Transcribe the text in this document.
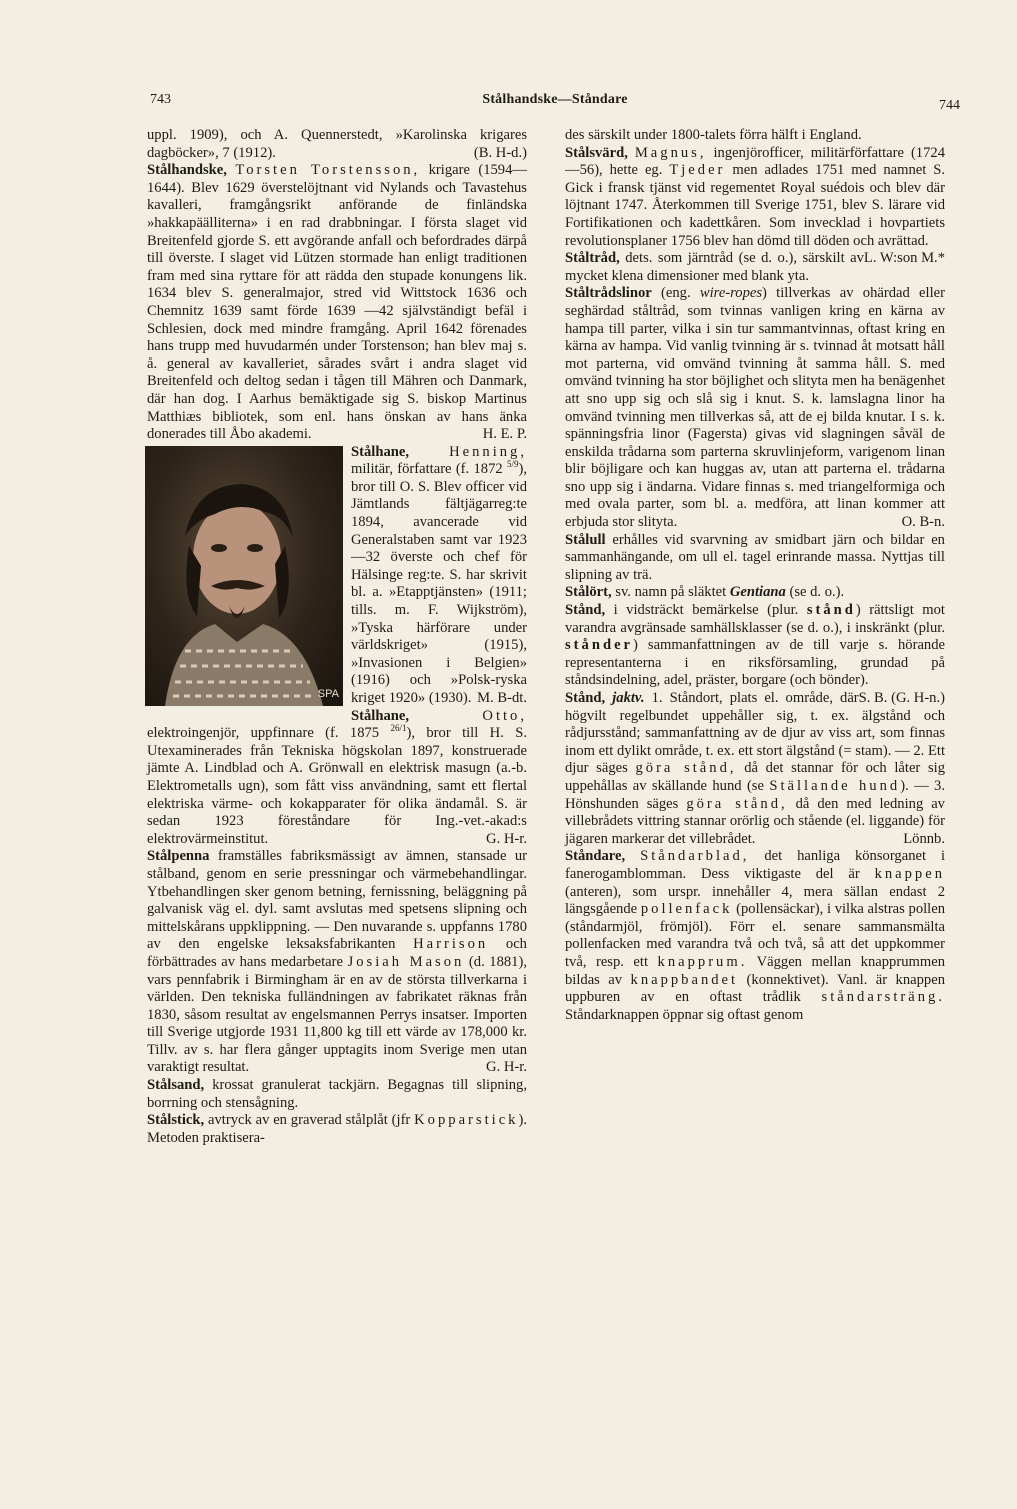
743	Stålhandske—Ståndare	744

uppl. 1909), och A. Quennerstedt, »Karolinska krigares dagböcker», 7 (1912).	(B. H-d.)

Stålhandske, Torsten Torstensson, krigare (1594—1644). Blev 1629 överstelöjtnant vid Nylands och Tavastehus kavalleri, framgångsrikt anförande de finländska »hakkapäälliterna» i en rad drabbningar. I första slaget vid Breitenfeld gjorde S. ett avgörande anfall och befordrades därpå till överste. I slaget vid Lützen stormade han enligt traditionen fram med sina ryttare för att rädda den stupade konungens lik. 1634 blev S. generalmajor, stred vid Wittstock 1636 och Chemnitz 1639 samt förde 1639 —42 självständigt befäl i Schlesien, dock med mindre framgång. April 1642 förenades hans trupp med huvudarmén under Torstenson; han blev maj s. å. general av kavalleriet, sårades svårt i andra slaget vid Breitenfeld och deltog sedan i tågen till Mähren och Danmark, där han dog. I Aarhus bemäktigade sig S. biskop Martinus Matthiæs bibliotek, som enl. hans önskan av hans änka donerades till Åbo akademi.	H. E. P.

SPA

Stålhane,	Henning, militär, författare (f. 1872 $^{5/9}$), bror till O. S. Blev officer vid Jämtlands fältjägarreg:te 1894, avancerade vid Generalstaben samt var 1923—32 överste och chef för Hälsinge reg:te. S. har skrivit bl. a. »Etapptjänsten» (1911; tills. m. F. Wijkström), »Tyska härförare under världskriget» (1915), »Invasionen i Belgien» (1916) och »Polsk-ryska kriget 1920» (1930). M. B-dt.

Stålhane,	Otto, elektroingenjör, uppfinnare (f. 1875 $^{26/1}$), bror till H. S. Utexaminerades från Tekniska högskolan 1897, konstruerade jämte A. Lindblad och A. Grönwall en elektrisk masugn (a.-b. Elektrometalls ugn), som fått viss användning, samt ett flertal elektriska värme- och kokapparater för olika ändamål. S. är sedan 1923 föreståndare för Ing.-vet.-akad:s elektrovärmeinstitut.	G. H-r.

Stålpenna framställes fabriksmässigt av ämnen, stansade ur stålband, genom en serie pressningar och värmebehandlingar. Ytbehandlingen sker genom betning, fernissning, beläggning på galvanisk väg el. dyl. samt avslutas med spetsens slipning och mittelskårans uppklippning. — Den nuvarande s. uppfanns 1780 av den engelske leksaksfabrikanten Harrison och förbättrades av hans medarbetare Josiah Mason (d. 1881), vars pennfabrik i Birmingham är en av de största tillverkarna i världen. Den tekniska fulländningen av fabrikatet räknas från 1830, såsom resultat av engelsmannen Perrys insatser. Importen till Sverige utgjorde 1931 11,800 kg till ett värde av 178,000 kr. Tillv. av s. har flera gånger upptagits inom Sverige men utan varaktigt resultat.	G. H-r.

Stålsand, krossat granulerat tackjärn. Begagnas till slipning, borrning och stensågning.

Stålstick, avtryck av en graverad stålplåt (jfr Kopparstick). Metoden praktisera-

des särskilt under 1800-talets förra hälft i England.

Stålsvärd, Magnus, ingenjörofficer, militärförfattare (1724—56), hette eg. Tjeder men adlades 1751 med namnet S. Gick i fransk tjänst vid regementet Royal suédois och blev där löjtnant 1747. Återkommen till Sverige 1751, blev S. lärare vid Fortifikationen och kadettkåren. Som invecklad i hovpartiets revolutionsplaner 1756 blev han dömd till döden och avrättad.
L. W:son M.*

Ståltråd, dets. som järntråd (se d. o.), särskilt av mycket klena dimensioner med blank yta.

Ståltrådslinor (eng. wire-ropes) tillverkas av ohärdad eller seghärdad ståltråd, som tvinnas vanligen kring en kärna av hampa till parter, vilka i sin tur sammantvinnas, oftast kring en kärna av hampa. Vid vanlig tvinning är s. tvinnad åt motsatt håll mot parterna, vid omvänd tvinning åt samma håll. S. med omvänd tvinning ha stor böjlighet och slityta men ha benägenhet att sno upp sig och slå sig i knut. S. k. lamslagna linor ha omvänd tvinning men tillverkas så, att de ej bilda knutar. I s. k. spänningsfria linor (Fagersta) givas vid slagningen såväl de enskilda trådarna som parterna skruvlinjeform, varigenom linan blir böjligare och kan huggas av, utan att parterna el. trådarna sno upp sig i ändarna. Vidare finnas s. med triangelformiga och med ovala parter, som bl. a. medföra, att linan kommer att erbjuda stor slityta.	O. B-n.

Stålull erhålles vid svarvning av smidbart järn och bildar en sammanhängande, om ull el. tagel erinrande massa. Nyttjas till slipning av trä.

Stålört, sv. namn på släktet Gentiana (se d. o.).

Stånd, i vidsträckt bemärkelse (plur. stånd) rättsligt mot varandra avgränsade samhällsklasser (se d. o.), i inskränkt (plur. stånder) sammanfattningen av de till varje s. hörande representanterna i en riksförsamling, grundad på ståndsindelning, adel, präster, borgare (och bönder).
S. B. (G. H-n.)

Stånd, jaktv. 1. Ståndort, plats el. område, där högvilt regelbundet uppehåller sig, t. ex. älgstånd och rådjursstånd; sammanfattning av de djur av viss art, som finnas inom ett dylikt område, t. ex. ett stort älgstånd (= stam). — 2. Ett djur säges göra stånd, då det stannar för och låter sig uppehållas av skällande hund (se Ställande hund). — 3. Hönshunden säges göra stånd, då den med ledning av villebrådets vittring stannar orörlig och stående (el. liggande) för jägaren markerar det villebrådet.	Lönnb.

Ståndare, Ståndarblad, det hanliga könsorganet i fanerogamblomman. Dess viktigaste del är knappen (anteren), som urspr. innehåller 4, mera sällan endast 2 längsgående pollenfack (pollensäckar), i vilka alstras pollen (ståndarmjöl, frömjöl). Förr el. senare sammansmälta pollenfacken med varandra två och två, så att det uppkommer två, resp. ett knapprum. Väggen mellan knapprummen bildas av knappbandet (konnektivet). Vanl. är knappen uppburen av en oftast trådlik ståndarsträng. Ståndarknappen öppnar sig oftast genom
